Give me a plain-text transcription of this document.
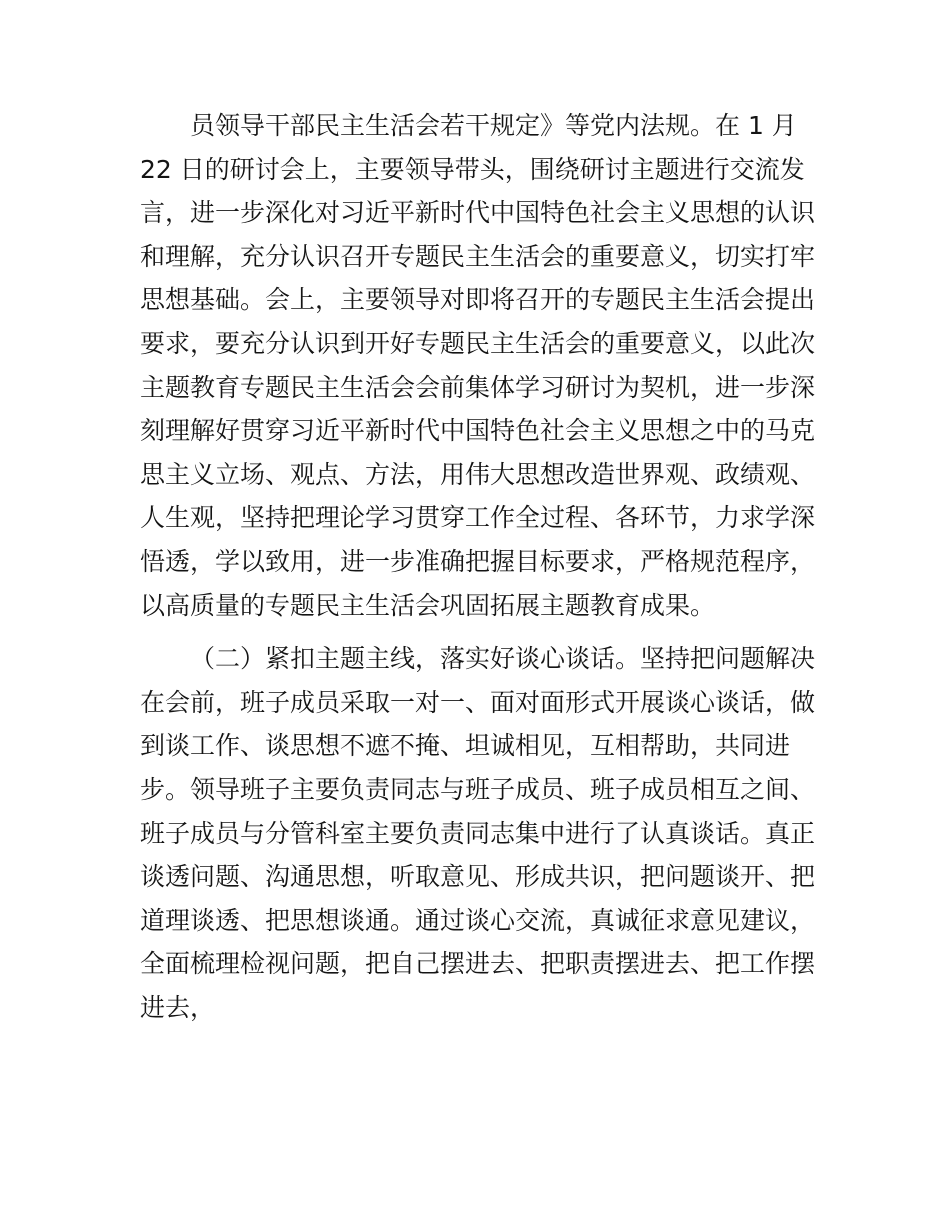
员领导干部民主生活会若干规定》等党内法规。在 1 月
22 日的研讨会上，主要领导带头，围绕研讨主题进行交流发
言，进一步深化对习近平新时代中国特色社会主义思想的认识
和理解，充分认识召开专题民主生活会的重要意义，切实打牢
思想基础。会上，主要领导对即将召开的专题民主生活会提出
要求，要充分认识到开好专题民主生活会的重要意义，以此次
主题教育专题民主生活会会前集体学习研讨为契机，进一步深
刻理解好贯穿习近平新时代中国特色社会主义思想之中的马克
思主义立场、观点、方法，用伟大思想改造世界观、政绩观、
人生观，坚持把理论学习贯穿工作全过程、各环节，力求学深
悟透，学以致用，进一步准确把握目标要求，严格规范程序，
以高质量的专题民主生活会巩固拓展主题教育成果。
（二）紧扣主题主线，落实好谈心谈话。坚持把问题解决
在会前，班子成员采取一对一、面对面形式开展谈心谈话，做
到谈工作、谈思想不遮不掩、坦诚相见，互相帮助，共同进
步。领导班子主要负责同志与班子成员、班子成员相互之间、
班子成员与分管科室主要负责同志集中进行了认真谈话。真正
谈透问题、沟通思想，听取意见、形成共识，把问题谈开、把
道理谈透、把思想谈通。通过谈心交流，真诚征求意见建议，
全面梳理检视问题，把自己摆进去、把职责摆进去、把工作摆
进去，
